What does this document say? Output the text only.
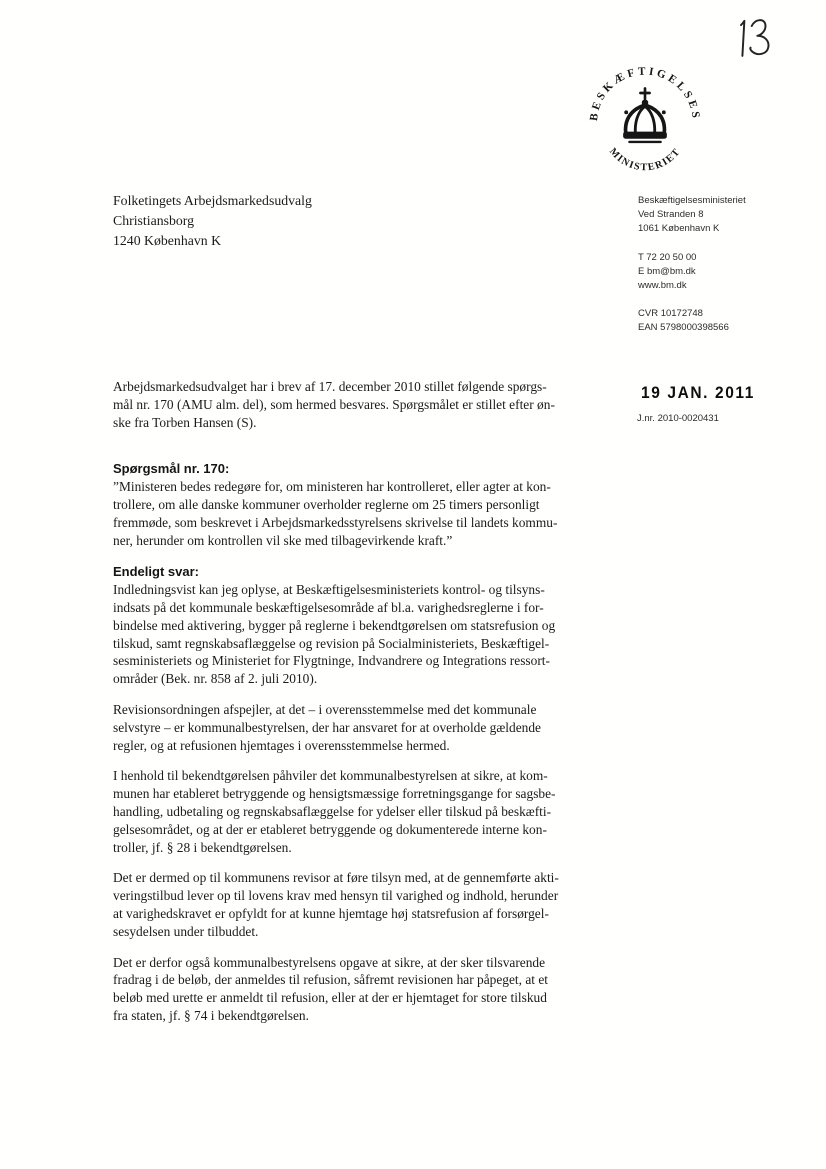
BESKÆFTIGELSES
MINISTERIET
Folketingets Arbejdsmarkedsudvalg
Christiansborg
1240 København K
Beskæftigelsesministeriet
Ved Stranden 8
1061 København K
T 72 20 50 00
E bm@bm.dk
www.bm.dk
CVR 10172748
EAN 5798000398566
19 JAN. 2011
J.nr. 2010-0020431

Arbejdsmarkedsudvalget har i brev af 17. december 2010 stillet følgende spørgs-
mål nr. 170 (AMU alm. del), som hermed besvares. Spørgsmålet er stillet efter øn-
ske fra Torben Hansen (S).

Spørgsmål nr. 170:

”Ministeren bedes redegøre for, om ministeren har kontrolleret, eller agter at kon-
trollere, om alle danske kommuner overholder reglerne om 25 timers personligt
fremmøde, som beskrevet i Arbejdsmarkedsstyrelsens skrivelse til landets kommu-
ner, herunder om kontrollen vil ske med tilbagevirkende kraft.”

Endeligt svar:

Indledningsvist kan jeg oplyse, at Beskæftigelsesministeriets kontrol- og tilsyns-
indsats på det kommunale beskæftigelsesområde af bl.a. varighedsreglerne i for-
bindelse med aktivering, bygger på reglerne i bekendtgørelsen om statsrefusion og
tilskud, samt regnskabsaflæggelse og revision på Socialministeriets, Beskæftigel-
sesministeriets og Ministeriet for Flygtninge, Indvandrere og Integrations ressort-
områder (Bek. nr. 858 af 2. juli 2010).

Revisionsordningen afspejler, at det – i overensstemmelse med det kommunale
selvstyre – er kommunalbestyrelsen, der har ansvaret for at overholde gældende
regler, og at refusionen hjemtages i overensstemmelse hermed.

I henhold til bekendtgørelsen påhviler det kommunalbestyrelsen at sikre, at kom-
munen har etableret betryggende og hensigtsmæssige forretningsgange for sagsbe-
handling, udbetaling og regnskabsaflæggelse for ydelser eller tilskud på beskæfti-
gelsesområdet, og at der er etableret betryggende og dokumenterede interne kon-
troller, jf. § 28 i bekendtgørelsen.

Det er dermed op til kommunens revisor at føre tilsyn med, at de gennemførte akti-
veringstilbud lever op til lovens krav med hensyn til varighed og indhold, herunder
at varighedskravet er opfyldt for at kunne hjemtage høj statsrefusion af forsørgel-
sesydelsen under tilbuddet.

Det er derfor også kommunalbestyrelsens opgave at sikre, at der sker tilsvarende
fradrag i de beløb, der anmeldes til refusion, såfremt revisionen har påpeget, at et
beløb med urette er anmeldt til refusion, eller at der er hjemtaget for store tilskud
fra staten, jf. § 74 i bekendtgørelsen.
